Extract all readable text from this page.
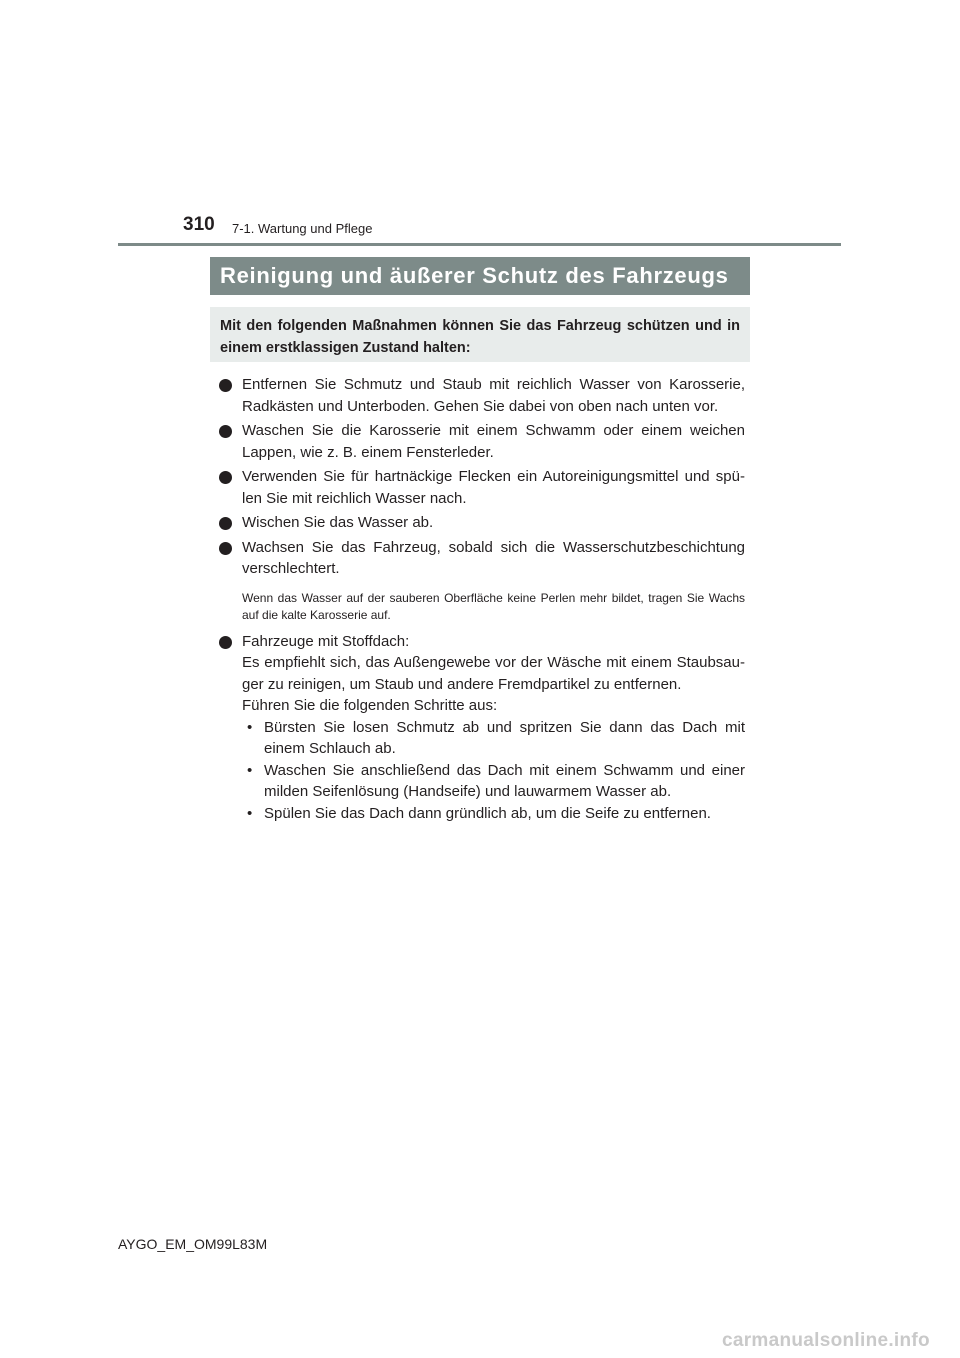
310 7-1. Wartung und Pflege
Reinigung und äußerer Schutz des Fahrzeugs
Mit den folgenden Maßnahmen können Sie das Fahrzeug schützen und in einem erstklassigen Zustand halten:
Entfernen Sie Schmutz und Staub mit reichlich Wasser von Karosserie, Radkästen und Unterboden. Gehen Sie dabei von oben nach unten vor.
Waschen Sie die Karosserie mit einem Schwamm oder einem weichen Lappen, wie z. B. einem Fensterleder.
Verwenden Sie für hartnäckige Flecken ein Autoreinigungsmittel und spü-len Sie mit reichlich Wasser nach.
Wischen Sie das Wasser ab.
Wachsen Sie das Fahrzeug, sobald sich die Wasserschutzbeschichtung verschlechtert.
Wenn das Wasser auf der sauberen Oberfläche keine Perlen mehr bildet, tragen Sie Wachs auf die kalte Karosserie auf.
Fahrzeuge mit Stoffdach:
Es empfiehlt sich, das Außengewebe vor der Wäsche mit einem Staubsau-ger zu reinigen, um Staub und andere Fremdpartikel zu entfernen.
Führen Sie die folgenden Schritte aus:
• Bürsten Sie losen Schmutz ab und spritzen Sie dann das Dach mit einem Schlauch ab.
• Waschen Sie anschließend das Dach mit einem Schwamm und einer milden Seifenlösung (Handseife) und lauwarmem Wasser ab.
• Spülen Sie das Dach dann gründlich ab, um die Seife zu entfernen.
AYGO_EM_OM99L83M
carmanualsonline.info
